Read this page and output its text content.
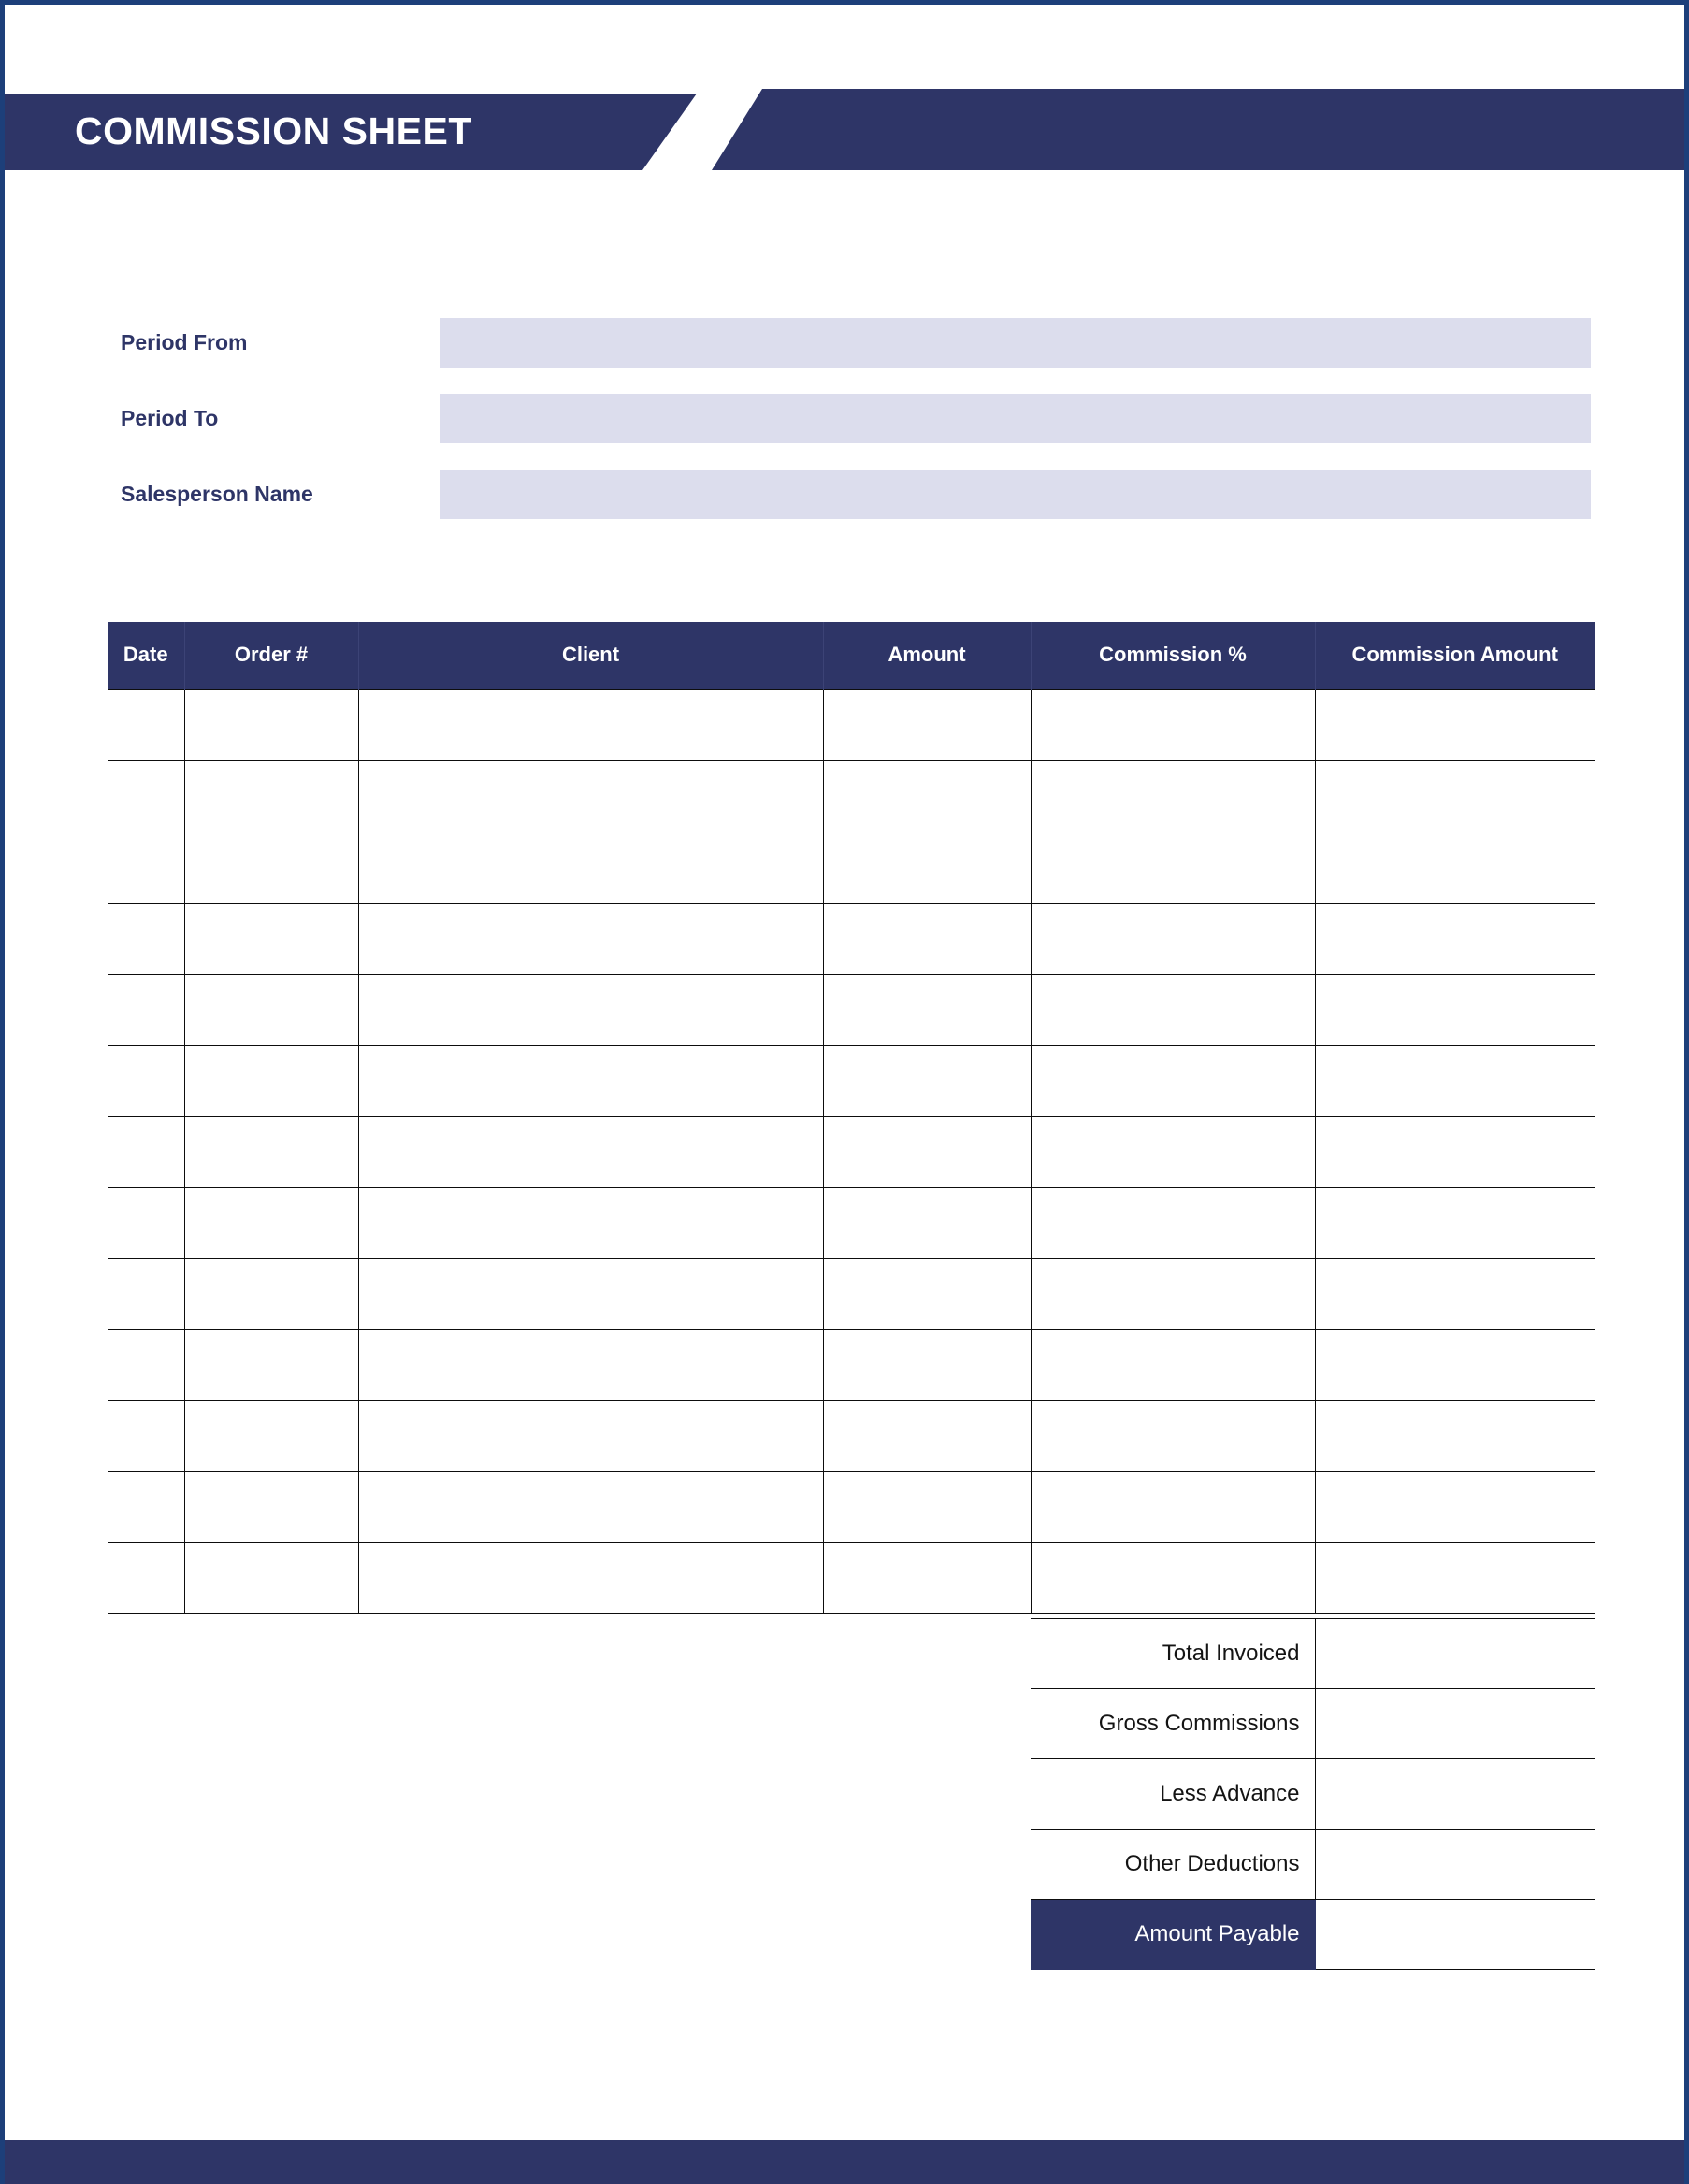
COMMISSION SHEET
Period From
Period To
Salesperson Name
Date	Order #	Client	Amount	Commission %	Commission Amount

Total Invoiced	
Gross Commissions	
Less Advance	
Other Deductions	
Amount Payable	
